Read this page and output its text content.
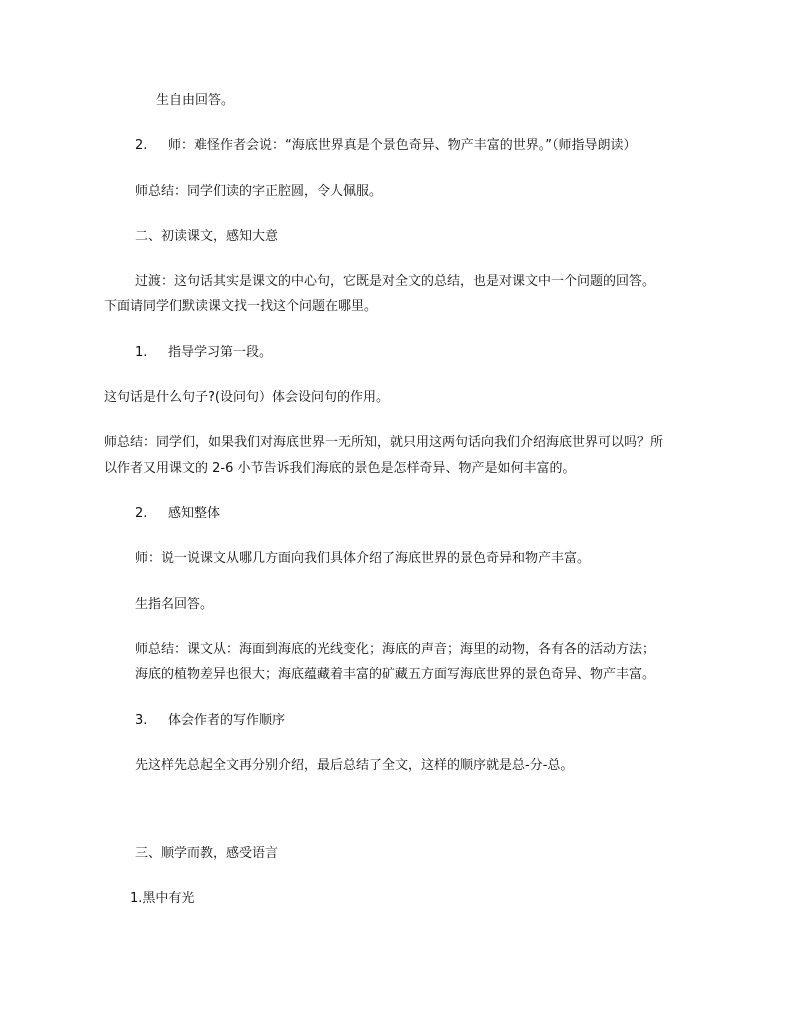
生自由回答。
2. 师：难怪作者会说：“海底世界真是个景色奇异、物产丰富的世界。”（师指导朗读）
师总结：同学们读的字正腔圆，令人佩服。
二、初读课文，感知大意
过渡：这句话其实是课文的中心句，它既是对全文的总结，也是对课文中一个问题的回答。
下面请同学们默读课文找一找这个问题在哪里。
1. 指导学习第一段。
这句话是什么句子?(设问句）体会设问句的作用。
师总结：同学们，如果我们对海底世界一无所知，就只用这两句话向我们介绍海底世界可以吗？所
以作者又用课文的 2-6 小节告诉我们海底的景色是怎样奇异、物产是如何丰富的。
2. 感知整体
师：说一说课文从哪几方面向我们具体介绍了海底世界的景色奇异和物产丰富。
生指名回答。
师总结：课文从：海面到海底的光线变化；海底的声音；海里的动物，各有各的活动方法；
海底的植物差异也很大；海底蕴藏着丰富的矿藏五方面写海底世界的景色奇异、物产丰富。
3. 体会作者的写作顺序
先这样先总起全文再分别介绍，最后总结了全文，这样的顺序就是总-分-总。
三、顺学而教，感受语言
1.黑中有光
